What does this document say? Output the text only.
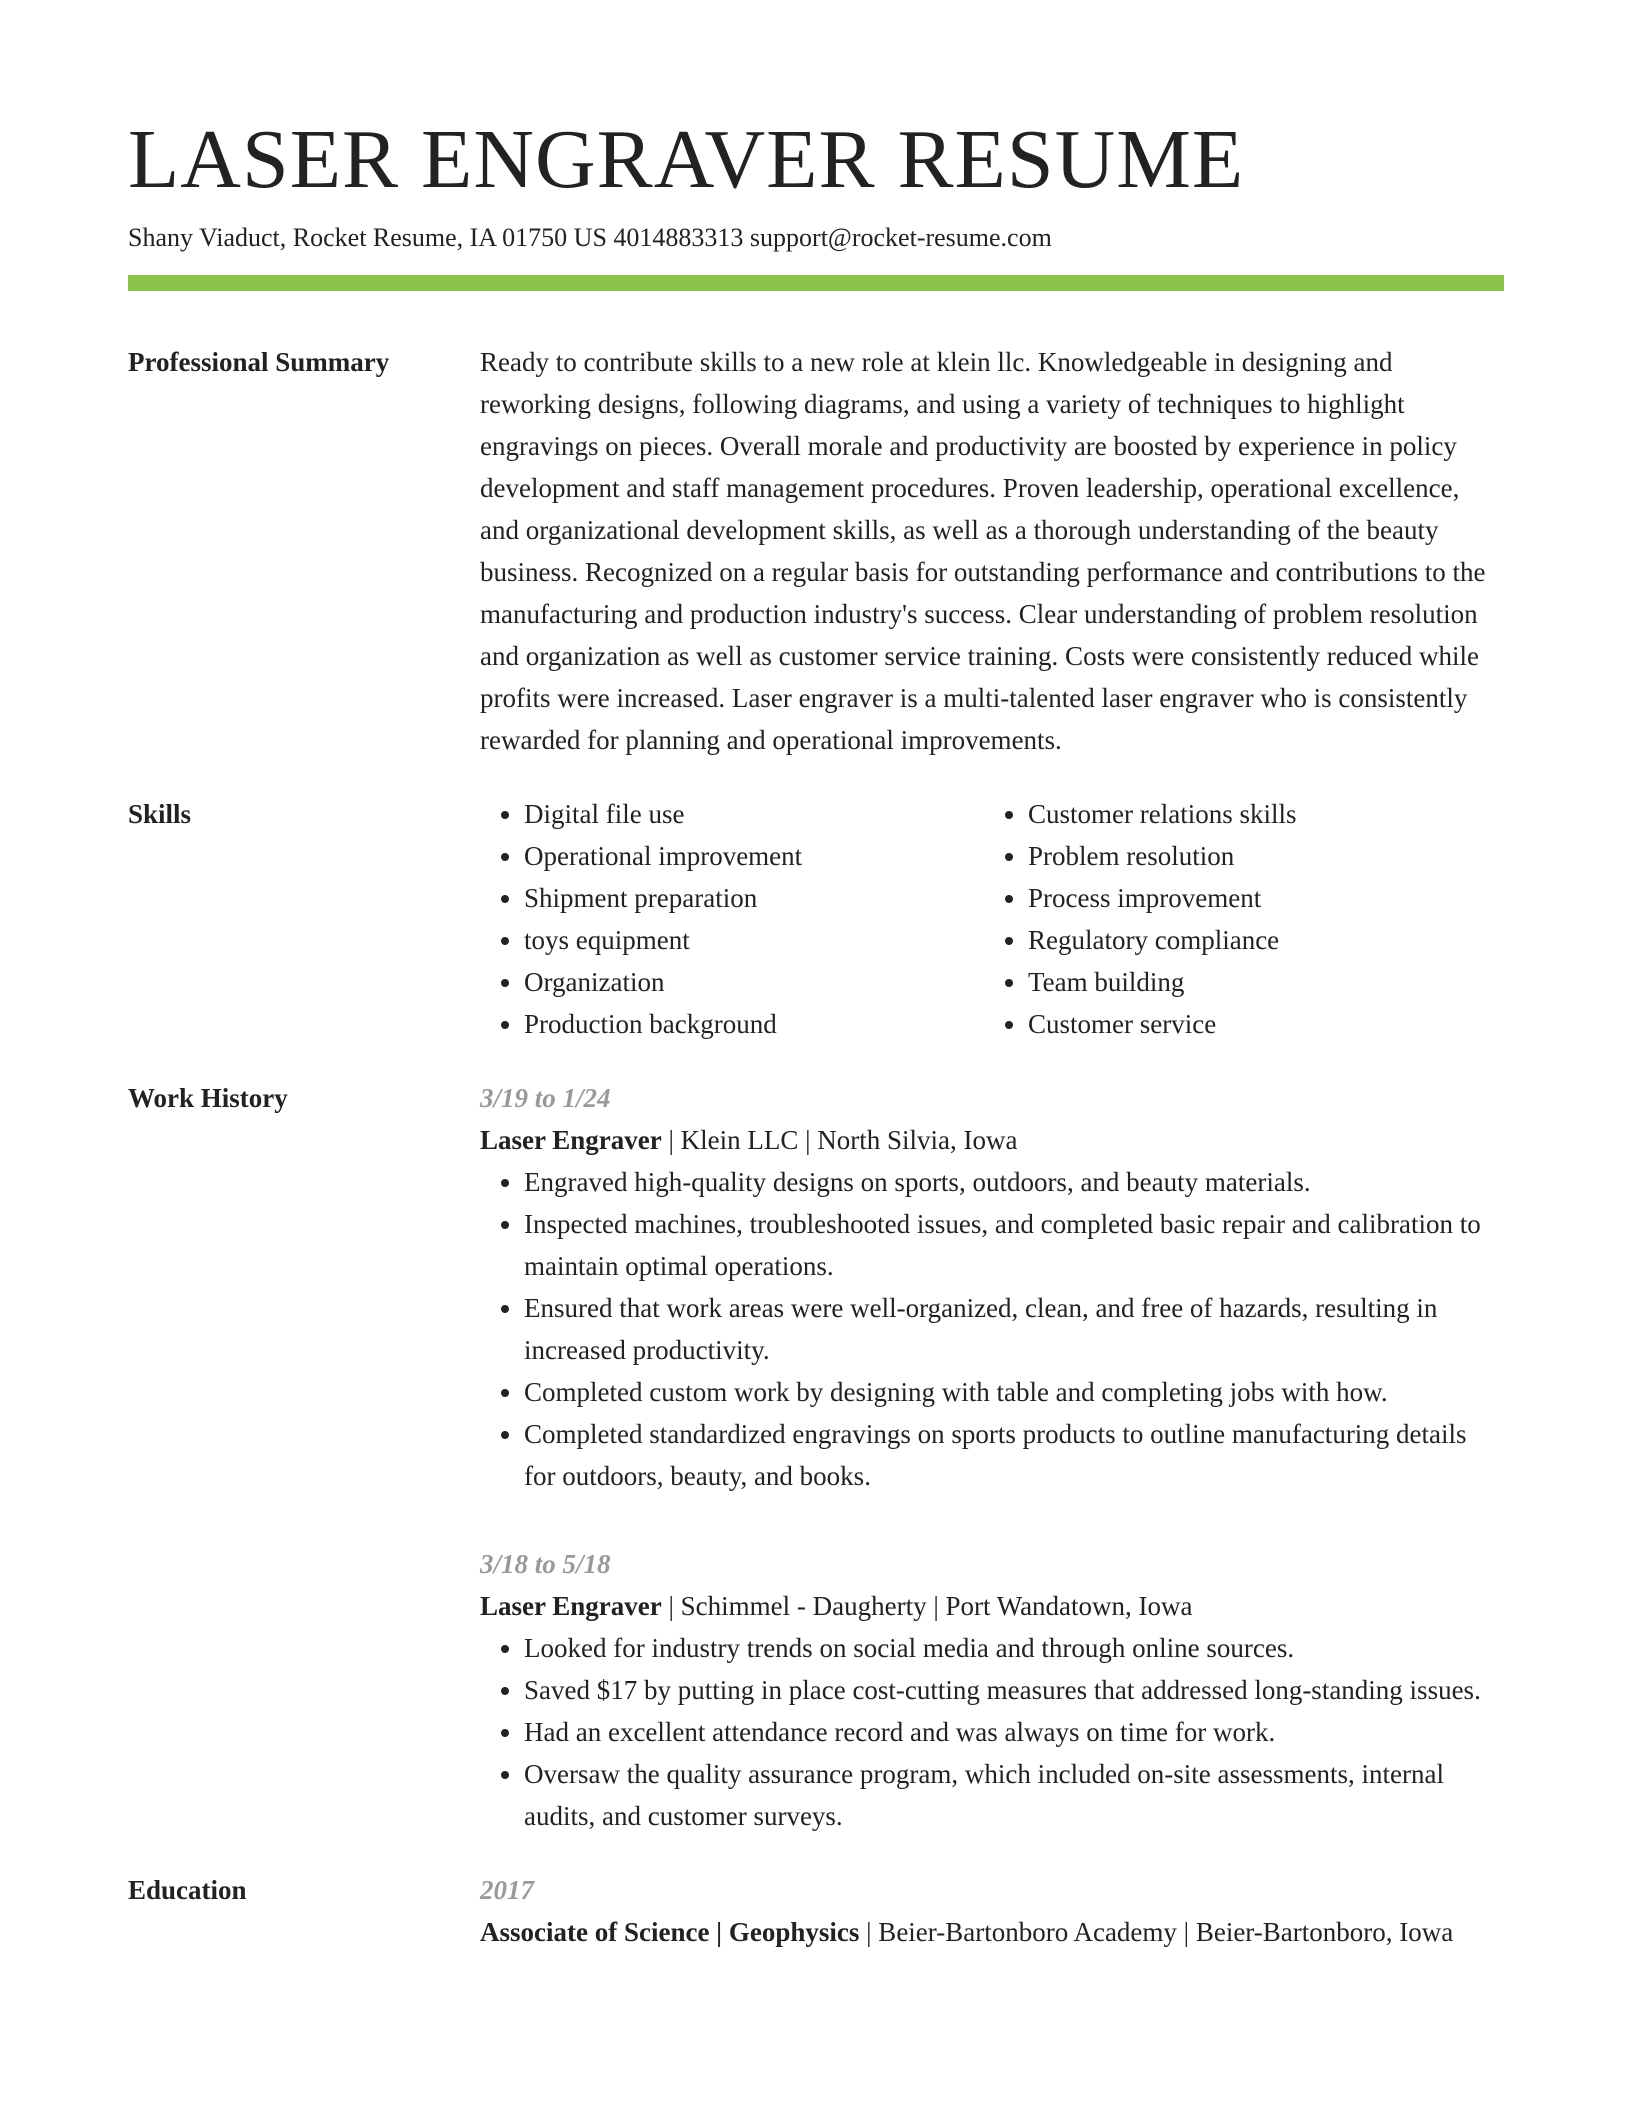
LASER ENGRAVER RESUME
Shany Viaduct, Rocket Resume, IA 01750 US 4014883313 support@rocket-resume.com
Professional Summary	Ready to contribute skills to a new role at klein llc. Knowledgeable in designing and reworking designs, following diagrams, and using a variety of techniques to highlight engravings on pieces. Overall morale and productivity are boosted by experience in policy development and staff management procedures. Proven leadership, operational excellence, and organizational development skills, as well as a thorough understanding of the beauty business. Recognized on a regular basis for outstanding performance and contributions to the manufacturing and production industry's success. Clear understanding of problem resolution and organization as well as customer service training. Costs were consistently reduced while profits were increased. Laser engraver is a multi-talented laser engraver who is consistently rewarded for planning and operational improvements.
Skills
•	Digital file use
• Operational improvement
• Shipment preparation
• toys equipment
• Organization
• Production background
• Customer relations skills
• Problem resolution
• Process improvement
• Regulatory compliance
• Team building
• Customer service
Work History	3/19 to 1/24
Laser Engraver | Klein LLC | North Silvia, Iowa
• Engraved high-quality designs on sports, outdoors, and beauty materials.
• Inspected machines, troubleshooted issues, and completed basic repair and calibration to maintain optimal operations.
• Ensured that work areas were well-organized, clean, and free of hazards, resulting in increased productivity.
• Completed custom work by designing with table and completing jobs with how.
• Completed standardized engravings on sports products to outline manufacturing details for outdoors, beauty, and books.
3/18 to 5/18
Laser Engraver | Schimmel - Daugherty | Port Wandatown, Iowa
• Looked for industry trends on social media and through online sources.
• Saved $17 by putting in place cost-cutting measures that addressed long-standing issues.
• Had an excellent attendance record and was always on time for work.
• Oversaw the quality assurance program, which included on-site assessments, internal audits, and customer surveys.
Education	2017
Associate of Science | Geophysics | Beier-Bartonboro Academy | Beier-Bartonboro, Iowa
